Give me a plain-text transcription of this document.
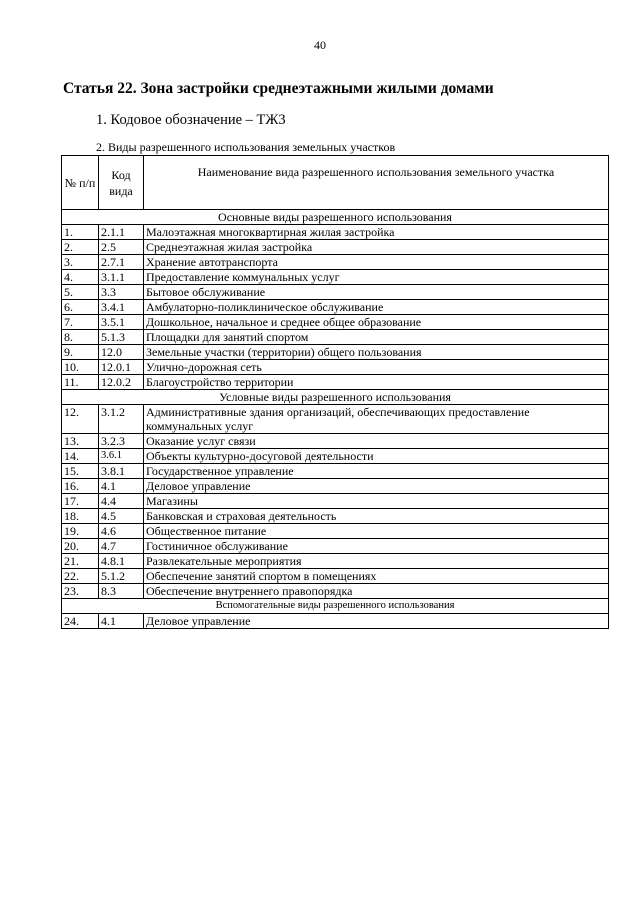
40
Статья 22. Зона застройки среднеэтажными жилыми домами
1. Кодовое обозначение – ТЖ3
2. Виды разрешенного использования земельных участков
№ п/п	Код вида	Наименование вида разрешенного использования земельного участка
Основные виды разрешенного использования		
1.	2.1.1	Малоэтажная многоквартирная жилая застройка
2.	2.5	Среднеэтажная жилая застройка
3.	2.7.1	Хранение автотранспорта
4.	3.1.1	Предоставление коммунальных услуг
5.	3.3	Бытовое обслуживание
6.	3.4.1	Амбулаторно-поликлиническое обслуживание
7.	3.5.1	Дошкольное, начальное и среднее общее образование
8.	5.1.3	Площадки для занятий спортом
9.	12.0	Земельные участки (территории) общего пользования
10.	12.0.1	Улично-дорожная сеть
11.	12.0.2	Благоустройство территории
Условные виды разрешенного использования		
12.	3.1.2	Административные здания организаций, обеспечивающих предоставление коммунальных услуг
13.	3.2.3	Оказание услуг связи
14.	3.6.1	Объекты культурно-досуговой деятельности
15.	3.8.1	Государственное управление
16.	4.1	Деловое управление
17.	4.4	Магазины
18.	4.5	Банковская и страховая деятельность
19.	4.6	Общественное питание
20.	4.7	Гостиничное обслуживание
21.	4.8.1	Развлекательные мероприятия
22.	5.1.2	Обеспечение занятий спортом в помещениях
23.	8.3	Обеспечение внутреннего правопорядка
Вспомогательные виды разрешенного использования		
24.	4.1	Деловое управление
